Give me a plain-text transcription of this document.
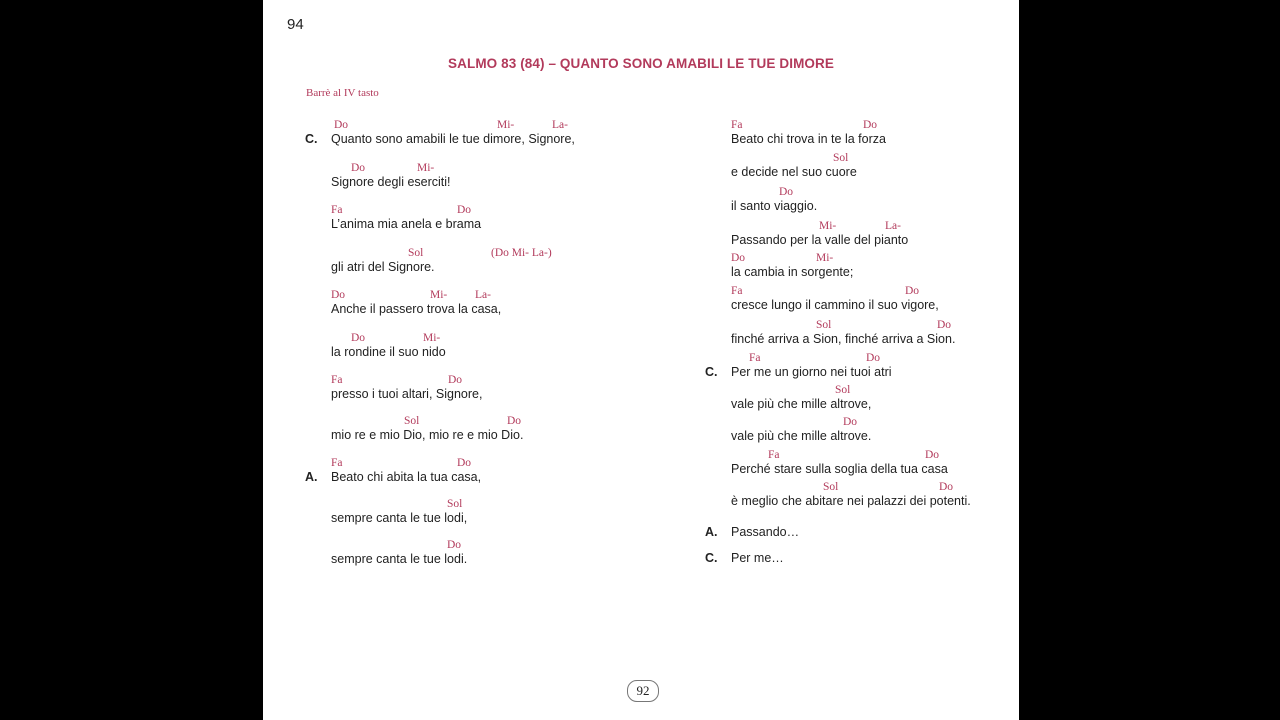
94
SALMO 83 (84) – QUANTO SONO AMABILI LE TUE DIMORE
Barrè al IV tasto
Do	Mi-	La-
C. Quanto sono amabili le tue dimore, Signore,
Do	Mi-
Signore degli eserciti!
Fa	Do
L’anima mia anela e brama
Sol	(Do Mi- La-)
gli atri del Signore.
Do	Mi- La-
Anche il passero trova la casa,
Do	Mi-
la rondine il suo nido
Fa	Do
presso i tuoi altari, Signore,
Sol	Do
mio re e mio Dio, mio re e mio Dio.
Fa	Do
A. Beato chi abita la tua casa,
Sol
sempre canta le tue lodi,
Do
sempre canta le tue lodi.
Fa	Do
Beato chi trova in te la forza
Sol
e decide nel suo cuore
Do
il santo viaggio.
Mi-	La-
Passando per la valle del pianto
Do	Mi-
la cambia in sorgente;
Fa	Do
cresce lungo il cammino il suo vigore,
Sol	Do
finché arriva a Sion, finché arriva a Sion.
Fa	Do
C. Per me un giorno nei tuoi atri
Sol
vale più che mille altrove,
Do
vale più che mille altrove.
Fa	Do
Perché stare sulla soglia della tua casa
Sol	Do
è meglio che abitare nei palazzi dei potenti.
A. Passando…
C. Per me…
92
